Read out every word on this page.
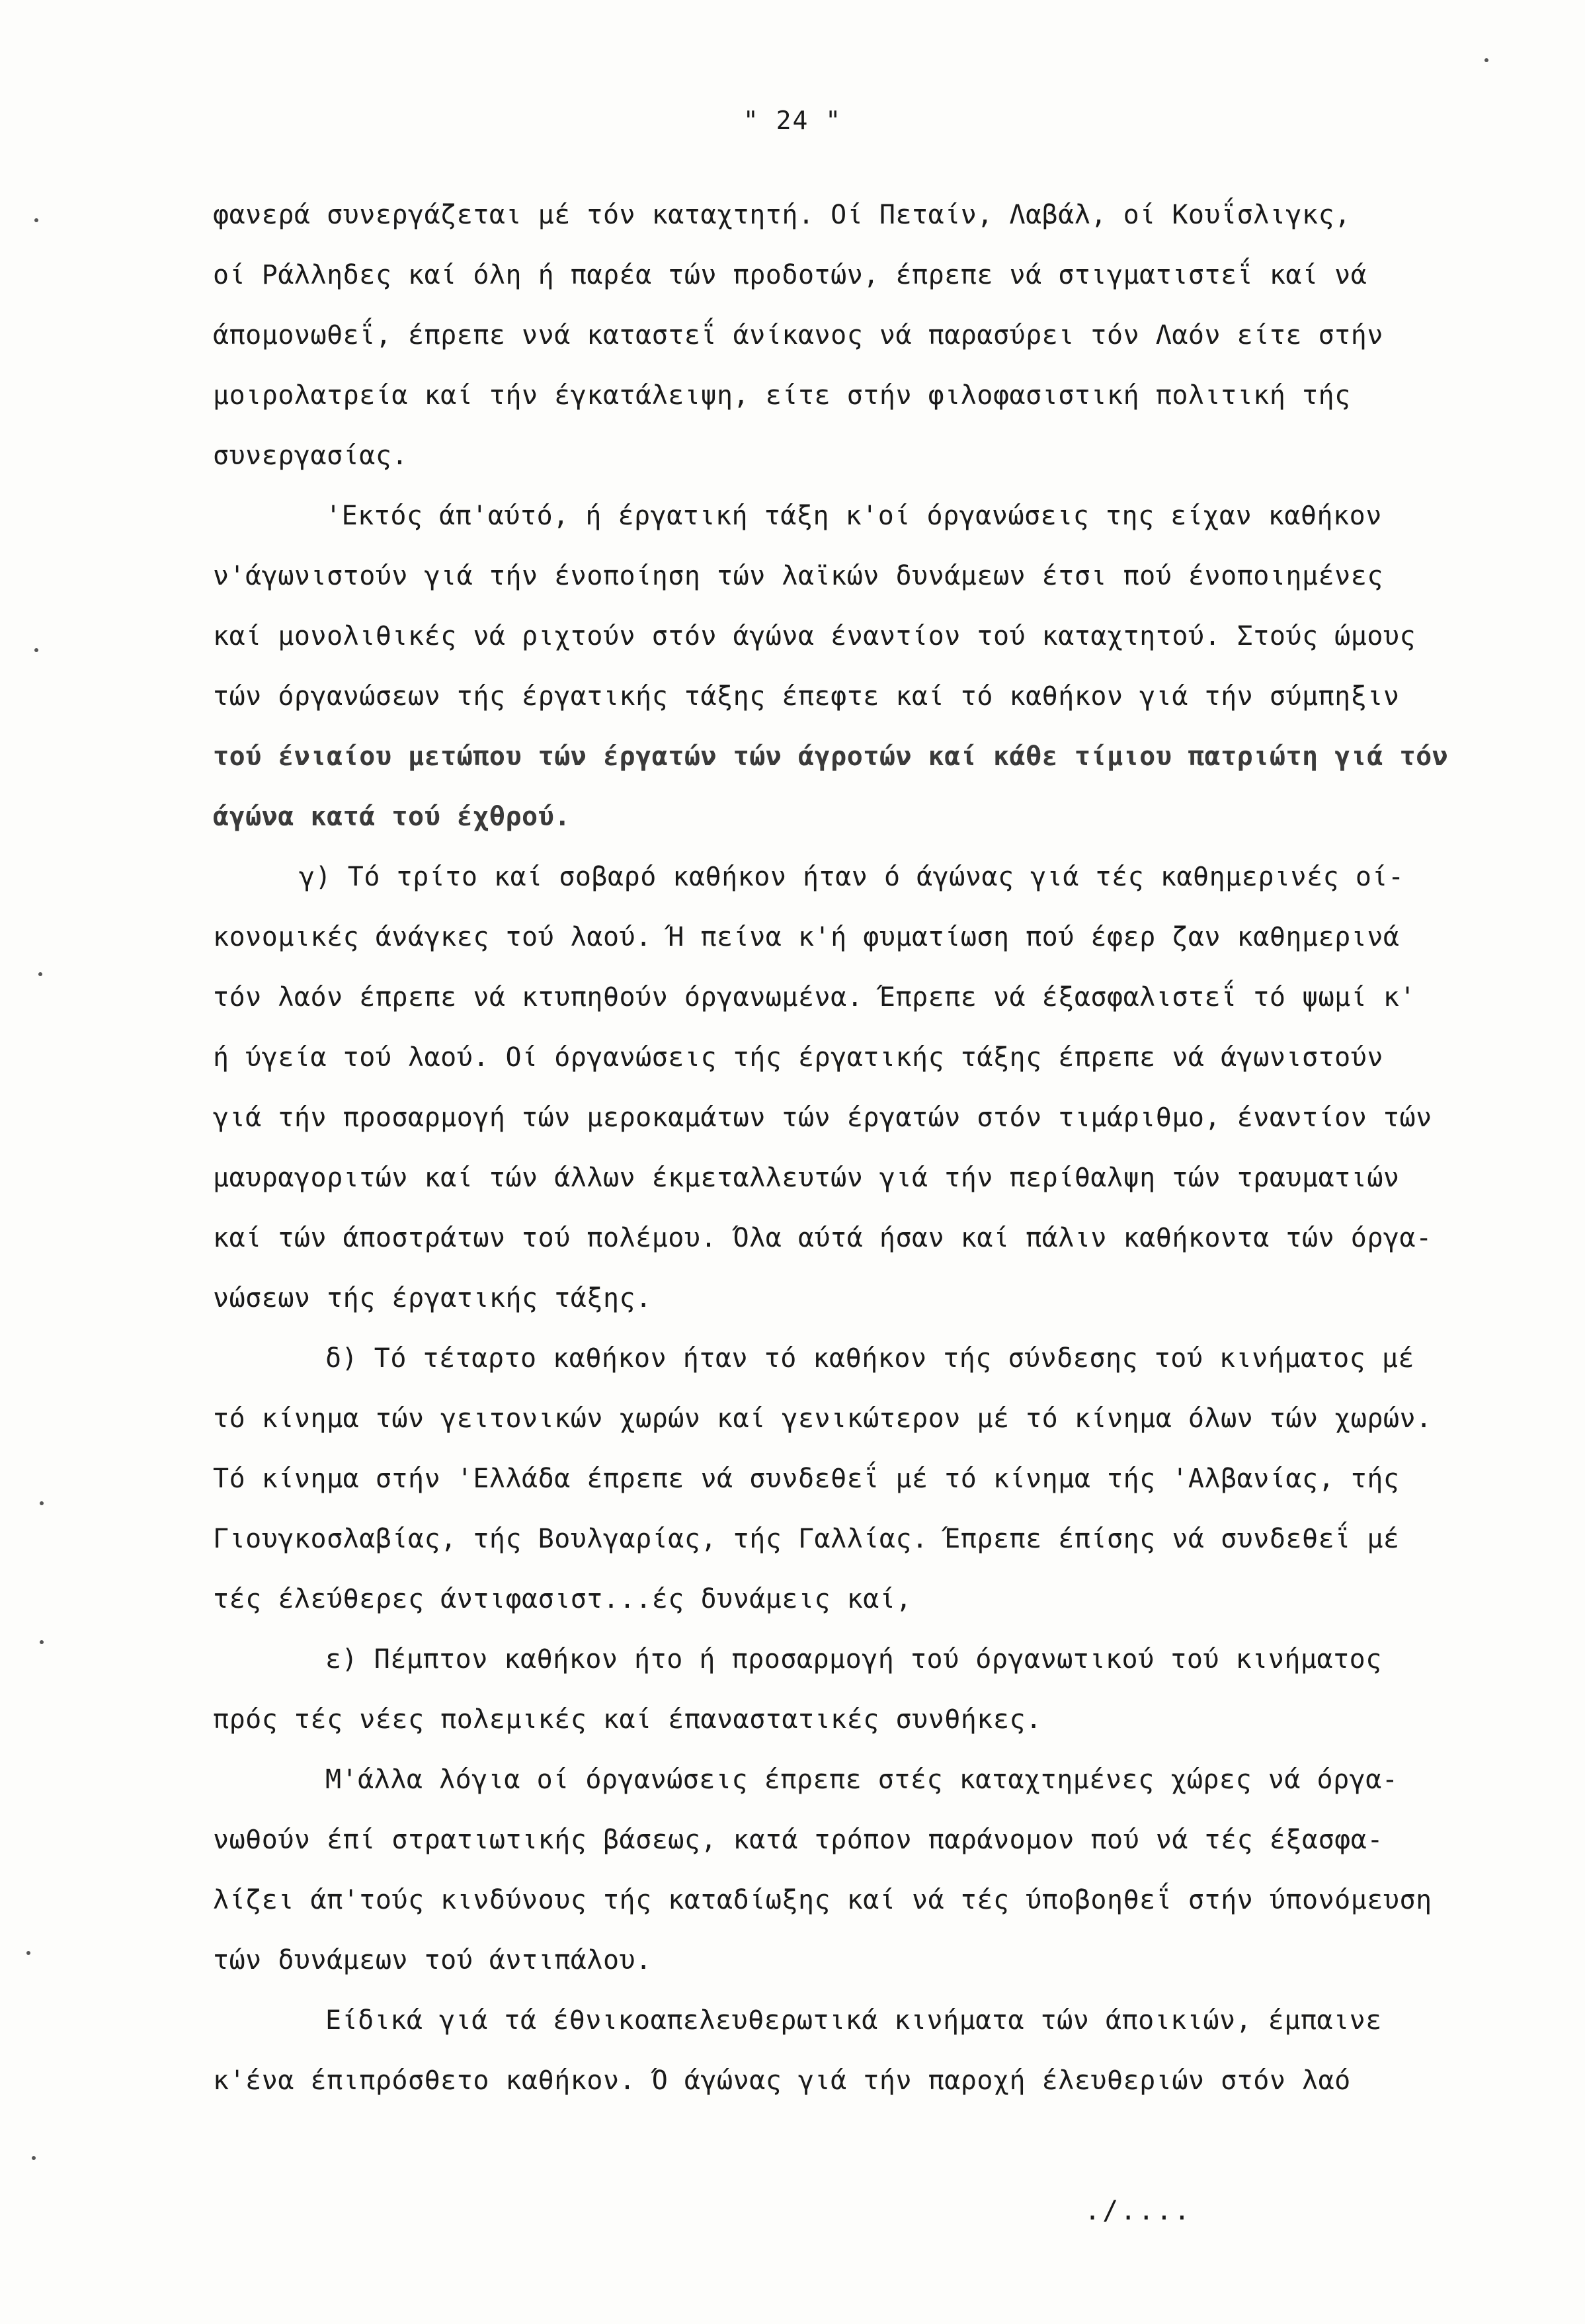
" 24 "
φανερά συνεργάζεται μέ τόν καταχτητή. Οί Πεταίν, Λαβάλ, οί Κουΐσλιγκς,
οί Ράλληδες καί όλη ή παρέα τών προδοτών, έπρεπε νά στιγματιστεΐ καί νά
άπομονωθεΐ, έπρεπε ννά καταστεΐ άνίκανος νά παρασύρει τόν Λαόν είτε στήν
μοιρολατρεία καί τήν έγκατάλειψη, είτε στήν φιλοφασιστική πολιτική τής
συνεργασίας.
'Εκτός άπ'αύτό, ή έργατική τάξη κ'οί όργανώσεις της είχαν καθήκον
ν'άγωνιστούν γιά τήν ένοποίηση τών λαϊκών δυνάμεων έτσι πού ένοποιημένες
καί μονολιθικές νά ριχτούν στόν άγώνα έναντίον τού καταχτητού. Στούς ώμους
τών όργανώσεων τής έργατικής τάξης έπεφτε καί τό καθήκον γιά τήν σύμπηξιν
τού ένιαίου μετώπου τών έργατών τών άγροτών καί κάθε τίμιου πατριώτη γιά τόν
άγώνα κατά τού έχθρού.
γ) Τό τρίτο καί σοβαρό καθήκον ήταν ό άγώνας γιά τές καθημερινές οί-
κονομικές άνάγκες τού λαού. Ή πείνα κ'ή φυματίωση πού έφερ ζαν καθημερινά
τόν λαόν έπρεπε νά κτυπηθούν όργανωμένα. Έπρεπε νά έξασφαλιστεΐ τό ψωμί κ'
ή ύγεία τού λαού. Οί όργανώσεις τής έργατικής τάξης έπρεπε νά άγωνιστούν
γιά τήν προσαρμογή τών μεροκαμάτων τών έργατών στόν τιμάριθμο, έναντίον τών
μαυραγοριτών καί τών άλλων έκμεταλλευτών γιά τήν περίθαλψη τών τραυματιών
καί τών άποστράτων τού πολέμου. Όλα αύτά ήσαν καί πάλιν καθήκοντα τών όργα-
νώσεων τής έργατικής τάξης.
δ) Τό τέταρτο καθήκον ήταν τό καθήκον τής σύνδεσης τού κινήματος μέ
τό κίνημα τών γειτονικών χωρών καί γενικώτερον μέ τό κίνημα όλων τών χωρών.
Τό κίνημα στήν 'Ελλάδα έπρεπε νά συνδεθεΐ μέ τό κίνημα τής 'Αλβανίας, τής
Γιουγκοσλαβίας, τής Βουλγαρίας, τής Γαλλίας. Έπρεπε έπίσης νά συνδεθεΐ μέ
τές έλεύθερες άντιφασιστ...ές δυνάμεις καί,
ε) Πέμπτον καθήκον ήτο ή προσαρμογή τού όργανωτικού τού κινήματος
πρός τές νέες πολεμικές καί έπαναστατικές συνθήκες.
Μ'άλλα λόγια οί όργανώσεις έπρεπε στές καταχτημένες χώρες νά όργα-
νωθούν έπί στρατιωτικής βάσεως, κατά τρόπον παράνομον πού νά τές έξασφα-
λίζει άπ'τούς κινδύνους τής καταδίωξης καί νά τές ύποβοηθεΐ στήν ύπονόμευση
τών δυνάμεων τού άντιπάλου.
Είδικά γιά τά έθνικοαπελευθερωτικά κινήματα τών άποικιών, έμπαινε
κ'ένα έπιπρόσθετο καθήκον. Ό άγώνας γιά τήν παροχή έλευθεριών στόν λαό
./....
